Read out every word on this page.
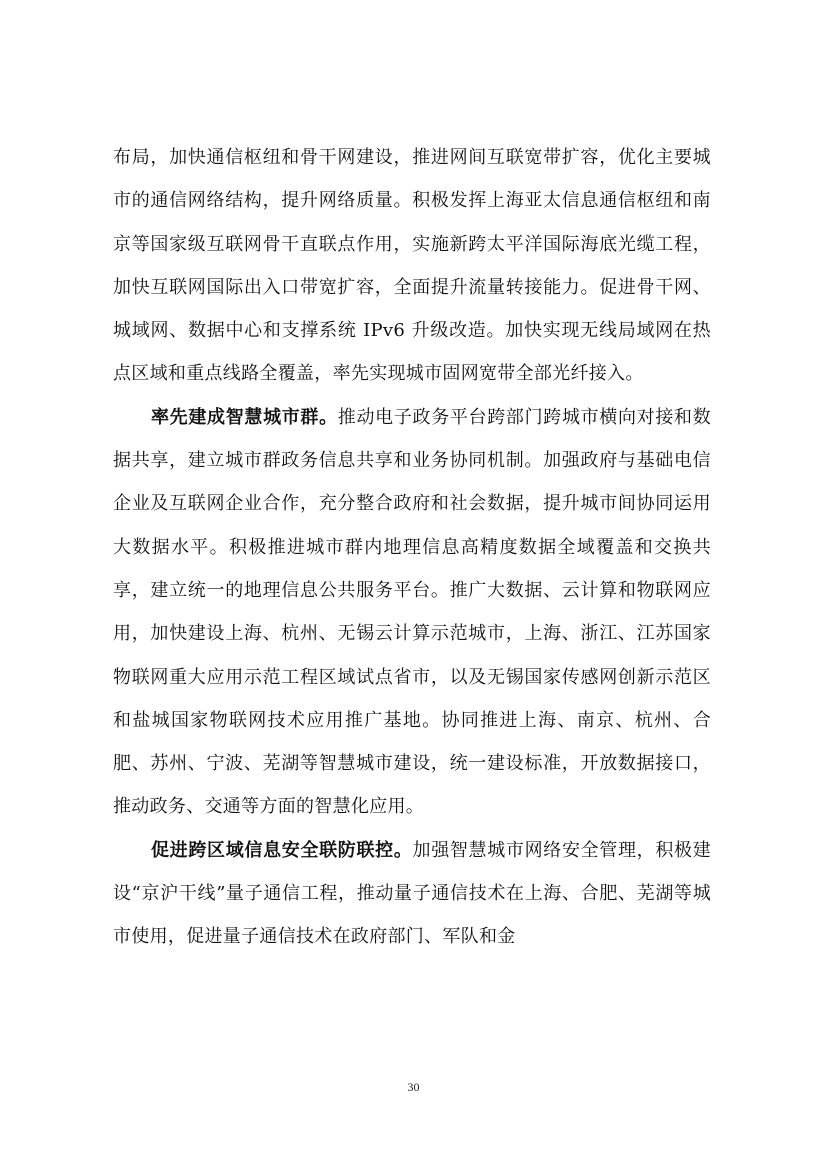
布局，加快通信枢纽和骨干网建设，推进网间互联宽带扩容，优化主要城市的通信网络结构，提升网络质量。积极发挥上海亚太信息通信枢纽和南京等国家级互联网骨干直联点作用，实施新跨太平洋国际海底光缆工程，加快互联网国际出入口带宽扩容，全面提升流量转接能力。促进骨干网、城域网、数据中心和支撑系统 IPv6 升级改造。加快实现无线局域网在热点区域和重点线路全覆盖，率先实现城市固网宽带全部光纤接入。

率先建成智慧城市群。推动电子政务平台跨部门跨城市横向对接和数据共享，建立城市群政务信息共享和业务协同机制。加强政府与基础电信企业及互联网企业合作，充分整合政府和社会数据，提升城市间协同运用大数据水平。积极推进城市群内地理信息高精度数据全域覆盖和交换共享，建立统一的地理信息公共服务平台。推广大数据、云计算和物联网应用，加快建设上海、杭州、无锡云计算示范城市，上海、浙江、江苏国家物联网重大应用示范工程区域试点省市，以及无锡国家传感网创新示范区和盐城国家物联网技术应用推广基地。协同推进上海、南京、杭州、合肥、苏州、宁波、芜湖等智慧城市建设，统一建设标准，开放数据接口，推动政务、交通等方面的智慧化应用。

促进跨区域信息安全联防联控。加强智慧城市网络安全管理，积极建设“京沪干线”量子通信工程，推动量子通信技术在上海、合肥、芜湖等城市使用，促进量子通信技术在政府部门、军队和金

30
